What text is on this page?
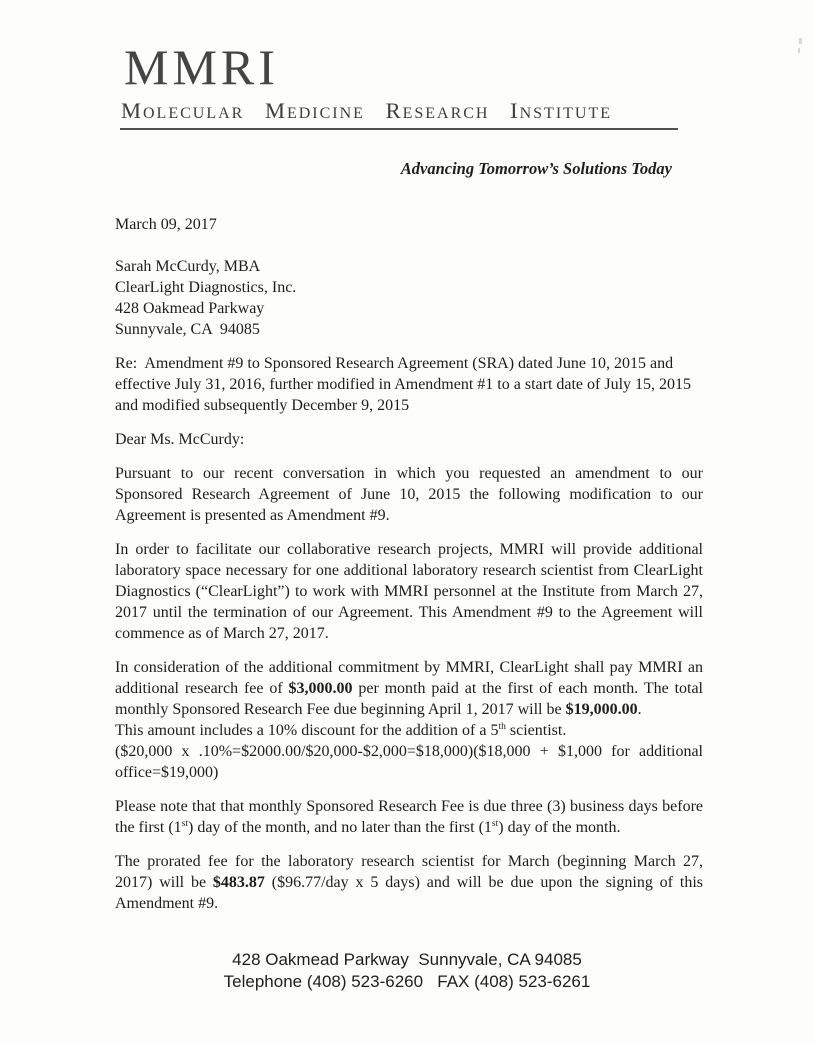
MMRI
Molecular Medicine Research Institute
Advancing Tomorrow’s Solutions Today
March 09, 2017
Sarah McCurdy, MBA
ClearLight Diagnostics, Inc.
428 Oakmead Parkway
Sunnyvale, CA  94085

Re:  Amendment #9 to Sponsored Research Agreement (SRA) dated June 10, 2015 and effective July 31, 2016, further modified in Amendment #1 to a start date of July 15, 2015 and modified subsequently December 9, 2015

Dear Ms. McCurdy:

Pursuant to our recent conversation in which you requested an amendment to our Sponsored Research Agreement of June 10, 2015 the following modification to our Agreement is presented as Amendment #9.

In order to facilitate our collaborative research projects, MMRI will provide additional laboratory space necessary for one additional laboratory research scientist from ClearLight Diagnostics (“ClearLight”) to work with MMRI personnel at the Institute from March 27, 2017 until the termination of our Agreement. This Amendment #9 to the Agreement will commence as of March 27, 2017.

In consideration of the additional commitment by MMRI, ClearLight shall pay MMRI an additional research fee of $3,000.00 per month paid at the first of each month. The total monthly Sponsored Research Fee due beginning April 1, 2017 will be $19,000.00.

This amount includes a 10% discount for the addition of a 5th scientist.

($20,000 x .10%=$2000.00/$20,000-$2,000=$18,000)($18,000 + $1,000 for additional office=$19,000)

Please note that that monthly Sponsored Research Fee is due three (3) business days before the first (1st) day of the month, and no later than the first (1st) day of the month.

The prorated fee for the laboratory research scientist for March (beginning March 27, 2017) will be $483.87 ($96.77/day x 5 days) and will be due upon the signing of this Amendment #9.

428 Oakmead Parkway  Sunnyvale, CA 94085
Telephone (408) 523-6260   FAX (408) 523-6261
